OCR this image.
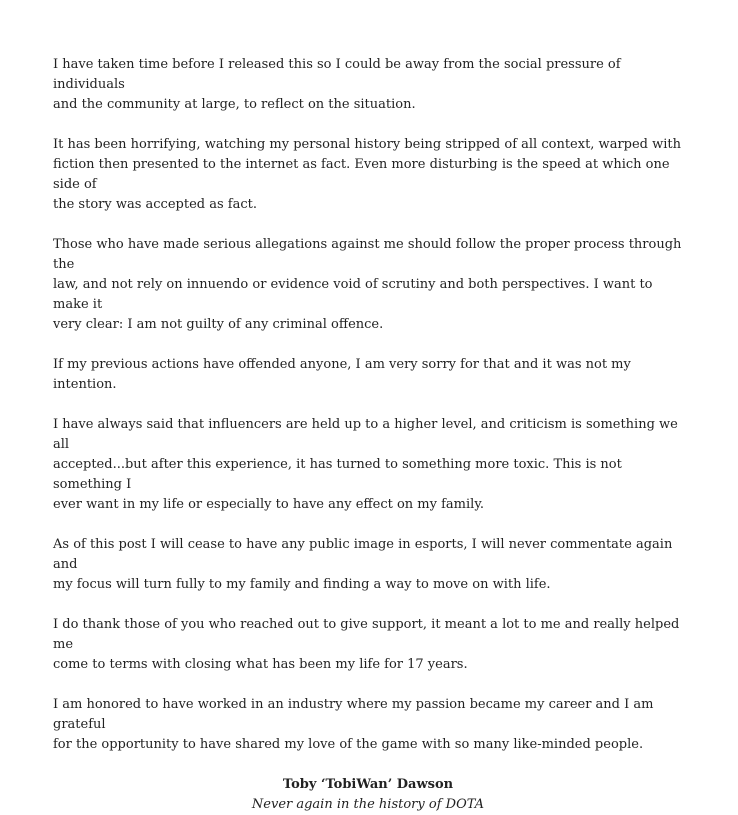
I have taken time before I released this so I could be away from the social pressure of individuals
and the community at large, to reflect on the situation.

It has been horrifying, watching my personal history being stripped of all context, warped with
fiction then presented to the internet as fact. Even more disturbing is the speed at which one side of
the story was accepted as fact.

Those who have made serious allegations against me should follow the proper process through the
law, and not rely on innuendo or evidence void of scrutiny and both perspectives. I want to make it
very clear: I am not guilty of any criminal offence.

If my previous actions have offended anyone, I am very sorry for that and it was not my intention.

I have always said that influencers are held up to a higher level, and criticism is something we all
accepted...but after this experience, it has turned to something more toxic. This is not something I
ever want in my life or especially to have any effect on my family.

As of this post I will cease to have any public image in esports, I will never commentate again and
my focus will turn fully to my family and finding a way to move on with life.

I do thank those of you who reached out to give support, it meant a lot to me and really helped me
come to terms with closing what has been my life for 17 years.

I am honored to have worked in an industry where my passion became my career and I am grateful
for the opportunity to have shared my love of the game with so many like-minded people.

Toby ‘TobiWan’ Dawson
Never again in the history of DOTA
